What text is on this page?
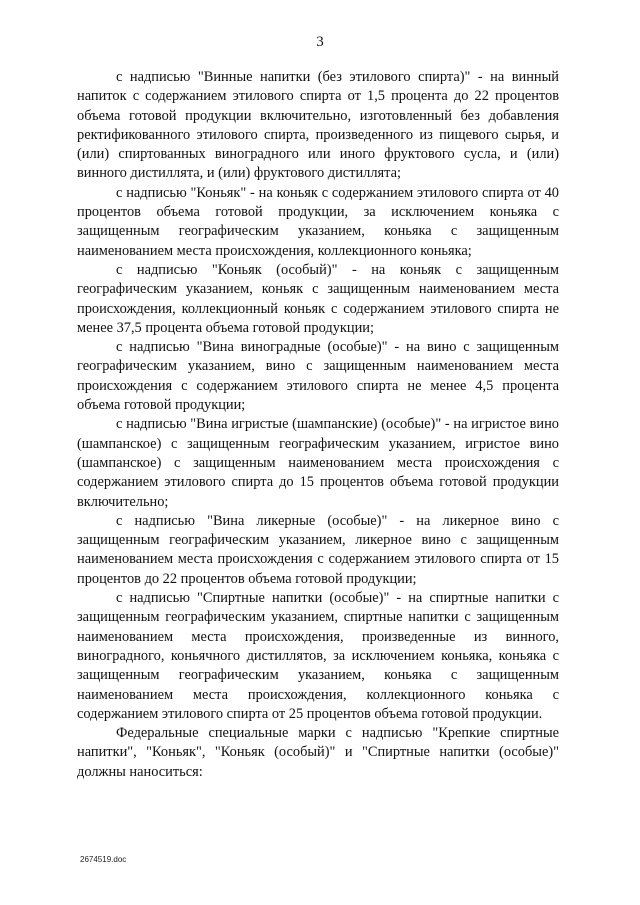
3

с надписью "Винные напитки (без этилового спирта)" - на винный напиток с содержанием этилового спирта от 1,5 процента до 22 процентов объема готовой продукции включительно, изготовленный без добавления ректификованного этилового спирта, произведенного из пищевого сырья, и (или) спиртованных виноградного или иного фруктового сусла, и (или) винного дистиллята, и (или) фруктового дистиллята;

с надписью "Коньяк" - на коньяк с содержанием этилового спирта от 40 процентов объема готовой продукции, за исключением коньяка с защищенным географическим указанием, коньяка с защищенным наименованием места происхождения, коллекционного коньяка;

с надписью "Коньяк (особый)" - на коньяк с защищенным географическим указанием, коньяк с защищенным наименованием места происхождения, коллекционный коньяк с содержанием этилового спирта не менее 37,5 процента объема готовой продукции;

с надписью "Вина виноградные (особые)" - на вино с защищенным географическим указанием, вино с защищенным наименованием места происхождения с содержанием этилового спирта не менее 4,5 процента объема готовой продукции;

с надписью "Вина игристые (шампанские) (особые)" - на игристое вино (шампанское) с защищенным географическим указанием, игристое вино (шампанское) с защищенным наименованием места происхождения с содержанием этилового спирта до 15 процентов объема готовой продукции включительно;

с надписью "Вина ликерные (особые)" - на ликерное вино с защищенным географическим указанием, ликерное вино с защищенным наименованием места происхождения с содержанием этилового спирта от 15 процентов до 22 процентов объема готовой продукции;

с надписью "Спиртные напитки (особые)" - на спиртные напитки с защищенным географическим указанием, спиртные напитки с защищенным наименованием места происхождения, произведенные из винного, виноградного, коньячного дистиллятов, за исключением коньяка, коньяка с защищенным географическим указанием, коньяка с защищенным наименованием места происхождения, коллекционного коньяка с содержанием этилового спирта от 25 процентов объема готовой продукции.

Федеральные специальные марки с надписью "Крепкие спиртные напитки", "Коньяк", "Коньяк (особый)" и "Спиртные напитки (особые)" должны наноситься:

2674519.doc
